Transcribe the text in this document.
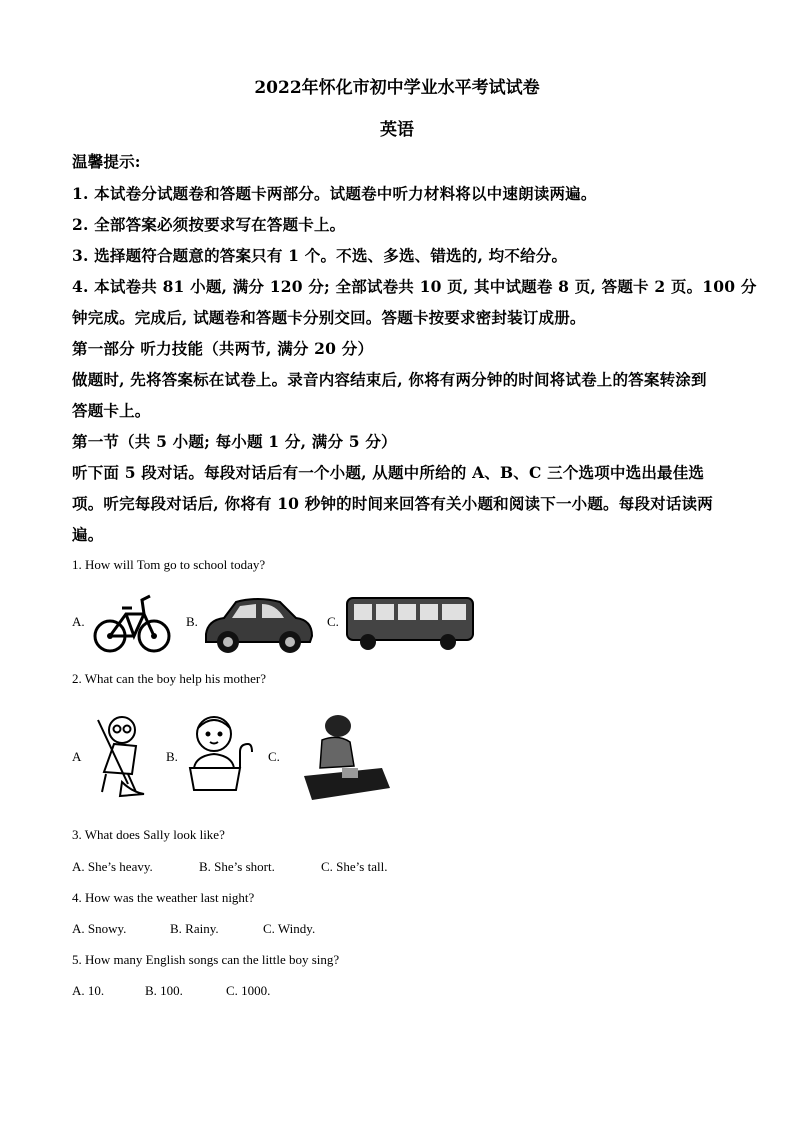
2022年怀化市初中学业水平考试试卷
英语
温馨提示:
1. 本试卷分试题卷和答题卡两部分。试题卷中听力材料将以中速朗读两遍。
2. 全部答案必须按要求写在答题卡上。
3. 选择题符合题意的答案只有 1 个。不选、多选、错选的, 均不给分。
4. 本试卷共 81 小题, 满分 120 分; 全部试卷共 10 页, 其中试题卷 8 页, 答题卡 2 页。100 分
钟完成。完成后, 试题卷和答题卡分别交回。答题卡按要求密封装订成册。
第一部分 听力技能（共两节, 满分 20 分）
做题时, 先将答案标在试卷上。录音内容结束后, 你将有两分钟的时间将试卷上的答案转涂到
答题卡上。
第一节（共 5 小题; 每小题 1 分, 满分 5 分）
听下面 5 段对话。每段对话后有一个小题, 从题中所给的 A、B、C 三个选项中选出最佳选
项。听完每段对话后, 你将有 10 秒钟的时间来回答有关小题和阅读下一小题。每段对话读两
遍。
1. How will Tom go to school today?
A.	B.	C.
2. What can the boy help his mother?
A	B.	C.
3. What does Sally look like?
A. She’s heavy.	B. She’s short.	C. She’s tall.
4. How was the weather last night?
A. Snowy.	B. Rainy.	C. Windy.
5. How many English songs can the little boy sing?
A. 10.	B. 100.	C. 1000.
